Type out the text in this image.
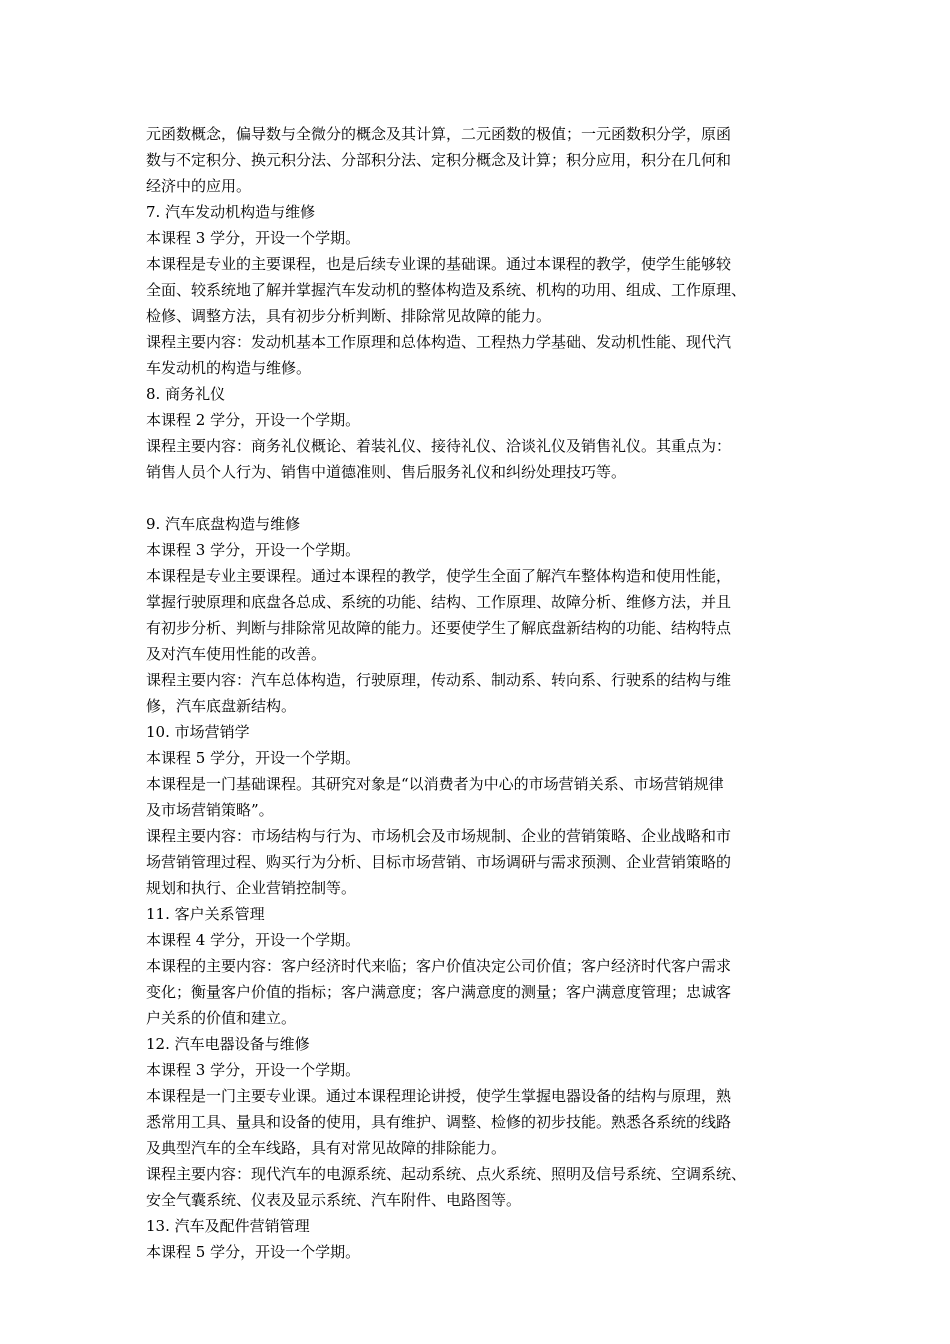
元函数概念，偏导数与全微分的概念及其计算，二元函数的极值；一元函数积分学，原函

数与不定积分、换元积分法、分部积分法、定积分概念及计算；积分应用，积分在几何和

经济中的应用。

7. 汽车发动机构造与维修

本课程 3 学分，开设一个学期。

本课程是专业的主要课程，也是后续专业课的基础课。通过本课程的教学，使学生能够较

全面、较系统地了解并掌握汽车发动机的整体构造及系统、机构的功用、组成、工作原理、

检修、调整方法，具有初步分析判断、排除常见故障的能力。

课程主要内容：发动机基本工作原理和总体构造、工程热力学基础、发动机性能、现代汽

车发动机的构造与维修。

8. 商务礼仪

本课程 2 学分，开设一个学期。

课程主要内容：商务礼仪概论、着装礼仪、接待礼仪、洽谈礼仪及销售礼仪。其重点为：

销售人员个人行为、销售中道德准则、售后服务礼仪和纠纷处理技巧等。

9. 汽车底盘构造与维修

本课程 3 学分，开设一个学期。

本课程是专业主要课程。通过本课程的教学，使学生全面了解汽车整体构造和使用性能，

掌握行驶原理和底盘各总成、系统的功能、结构、工作原理、故障分析、维修方法，并且

有初步分析、判断与排除常见故障的能力。还要使学生了解底盘新结构的功能、结构特点

及对汽车使用性能的改善。

课程主要内容：汽车总体构造，行驶原理，传动系、制动系、转向系、行驶系的结构与维

修，汽车底盘新结构。

10. 市场营销学

本课程 5 学分，开设一个学期。

本课程是一门基础课程。其研究对象是“以消费者为中心的市场营销关系、市场营销规律

及市场营销策略”。

课程主要内容：市场结构与行为、市场机会及市场规制、企业的营销策略、企业战略和市

场营销管理过程、购买行为分析、目标市场营销、市场调研与需求预测、企业营销策略的

规划和执行、企业营销控制等。

11. 客户关系管理

本课程 4 学分，开设一个学期。

本课程的主要内容：客户经济时代来临；客户价值决定公司价值；客户经济时代客户需求

变化；衡量客户价值的指标；客户满意度；客户满意度的测量；客户满意度管理；忠诚客

户关系的价值和建立。

12. 汽车电器设备与维修

本课程 3 学分，开设一个学期。

本课程是一门主要专业课。通过本课程理论讲授，使学生掌握电器设备的结构与原理，熟

悉常用工具、量具和设备的使用，具有维护、调整、检修的初步技能。熟悉各系统的线路

及典型汽车的全车线路，具有对常见故障的排除能力。

课程主要内容：现代汽车的电源系统、起动系统、点火系统、照明及信号系统、空调系统、

安全气囊系统、仪表及显示系统、汽车附件、电路图等。

13. 汽车及配件营销管理

本课程 5 学分，开设一个学期。
